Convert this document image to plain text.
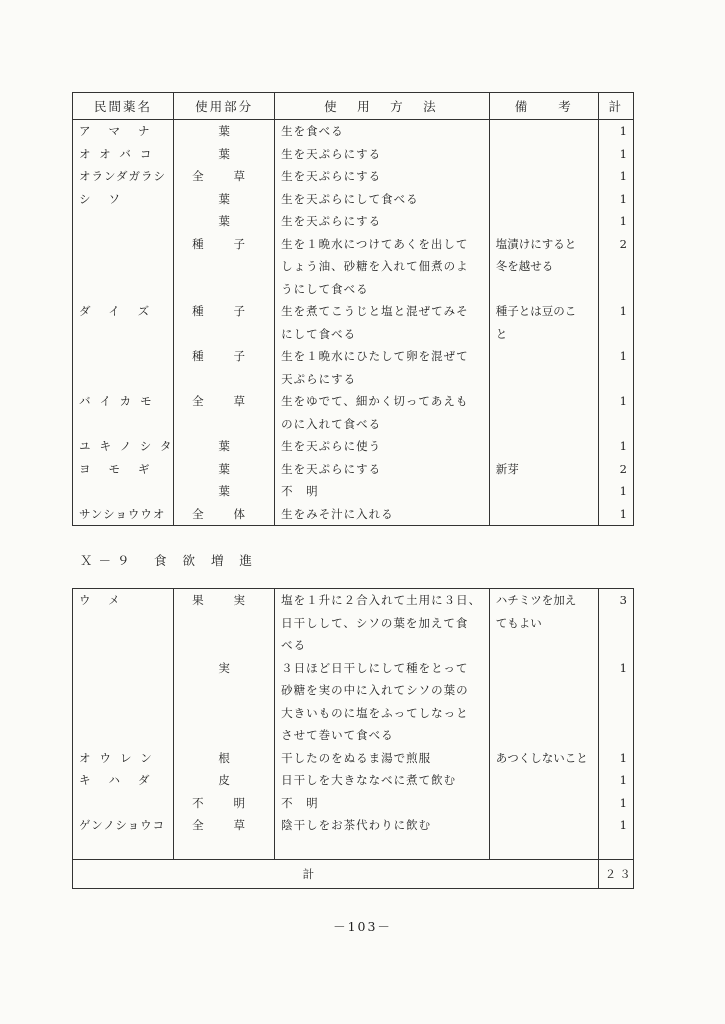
民間薬名	使用部分	使　用　方　法	備　　考	計
アマナ	葉	生を食べる		1
オオバコ	葉	生を天ぷらにする		1
オランダガラシ	全草	生を天ぷらにする		1
シソ	葉	生を天ぷらにして食べる		1
	葉	生を天ぷらにする		1
	種子	生を１晩水につけてあくを出して	塩漬けにすると	2
		しょう油、砂糖を入れて佃煮のよ	冬を越せる	
		うにして食べる		
ダイズ	種子	生を煮てこうじと塩と混ぜてみそ	種子とは豆のこ	1
		にして食べる	と	
	種子	生を１晩水にひたして卵を混ぜて		1
		天ぷらにする		
バイカモ	全草	生をゆでて、細かく切ってあえも		1
		のに入れて食べる		
ユキノシタ	葉	生を天ぷらに使う		1
ヨモギ	葉	生を天ぷらにする	新芽	2
	葉	不　明		1
サンショウウオ	全体	生をみそ汁に入れる		1
Ｘ－９　食 欲 増 進
ウメ	果実	塩を１升に２合入れて土用に３日、	ハチミツを加え	3
		日干しして、シソの葉を加えて食	てもよい	
		べる		
	実	３日ほど日干しにして種をとって		1
		砂糖を実の中に入れてシソの葉の		
		大きいものに塩をふってしなっと		
		させて巻いて食べる		
オウレン	根	干したのをぬるま湯で煎服	あつくしないこと	1
キハダ	皮	日干しを大きななべに煮て飲む		1
	不明	不　明		1
ゲンノショウコ	全草	陰干しをお茶代わりに飲む		1

計				２３
－103－
